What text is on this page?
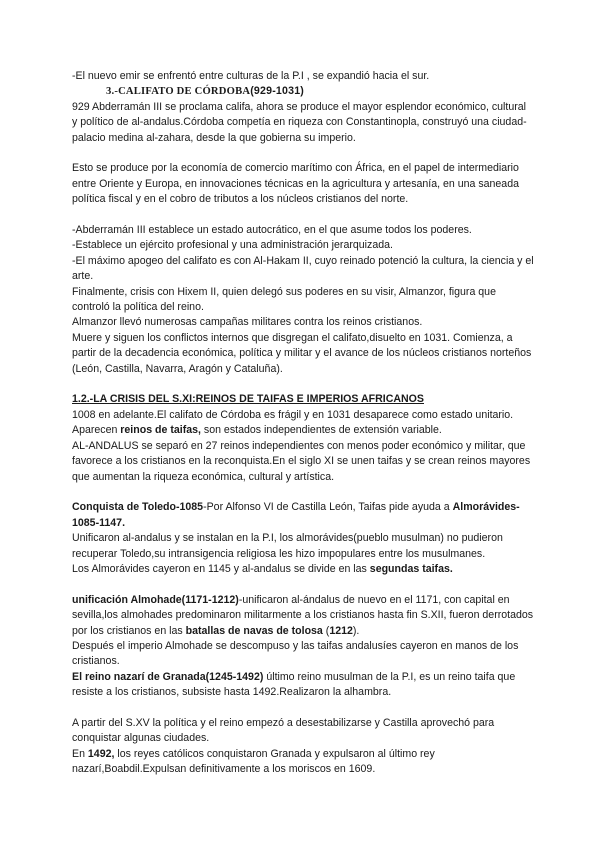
-El nuevo emir se enfrentó entre culturas de la P.I , se expandió hacia el sur.

3.-CALIFATO DE CÓRDOBA(929-1031)

929 Abderramán III se proclama califa, ahora se produce el mayor esplendor económico, cultural y político de al-andalus.Córdoba competía en riqueza con Constantinopla, construyó una ciudad-palacio medina al-zahara, desde la que gobierna su imperio.

Esto se produce por la economía de comercio marítimo con África, en el papel de intermediario entre Oriente y Europa, en innovaciones técnicas en la agricultura y artesanía, en una saneada política fiscal y en el cobro de tributos a los núcleos cristianos del norte.

-Abderramán III establece un estado autocrático, en el que asume todos los poderes.

-Establece un ejército profesional y una administración jerarquizada.

-El máximo apogeo del califato es con Al-Hakam II, cuyo reinado potenció la cultura, la ciencia y el arte.

Finalmente, crisis con Hixem II, quien delegó sus poderes en su visir, Almanzor, figura que controló la política del reino.

Almanzor llevó numerosas campañas militares contra los reinos cristianos.

Muere y siguen los conflictos internos que disgregan el califato,disuelto en 1031. Comienza, a partir de la decadencia económica, política y militar y el avance de los núcleos cristianos norteños (León, Castilla, Navarra, Aragón y Cataluña).

1.2.-LA CRISIS DEL S.XI:REINOS DE TAIFAS E IMPERIOS AFRICANOS

1008 en adelante.El califato de Córdoba es frágil y en 1031 desaparece como estado unitario.

Aparecen reinos de taifas, son estados independientes de extensión variable.

AL-ANDALUS se separó en 27 reinos independientes con menos poder económico y militar, que favorece a los cristianos en la reconquista.En el siglo XI se unen taifas y se crean reinos mayores que aumentan la riqueza económica, cultural y artística.

Conquista de Toledo-1085-Por Alfonso VI de Castilla León, Taifas pide ayuda a Almorávides-1085-1147.

Unificaron al-andalus y se instalan en la P.I, los almorávides(pueblo musulman) no pudieron recuperar Toledo,su intransigencia religiosa les hizo impopulares entre los musulmanes.

Los Almorávides cayeron en 1145 y al-andalus se divide en las segundas taifas.

unificación Almohade(1171-1212)-unificaron al-ándalus de nuevo en el 1171, con capital en sevilla,los almohades predominaron militarmente a los cristianos hasta fin S.XII, fueron derrotados por los cristianos en las batallas de navas de tolosa (1212).

Después el imperio Almohade se descompuso y las taifas andalusíes cayeron en manos de los cristianos.

El reino nazarí de Granada(1245-1492) último reino musulman de la P.I, es un reino taifa que resiste a los cristianos, subsiste hasta 1492.Realizaron la alhambra.

A partir del S.XV la política y el reino empezó a desestabilizarse y Castilla aprovechó para conquistar algunas ciudades.

En 1492, los reyes católicos conquistaron Granada y expulsaron al último rey nazarí,Boabdil.Expulsan definitivamente a los moriscos en 1609.
